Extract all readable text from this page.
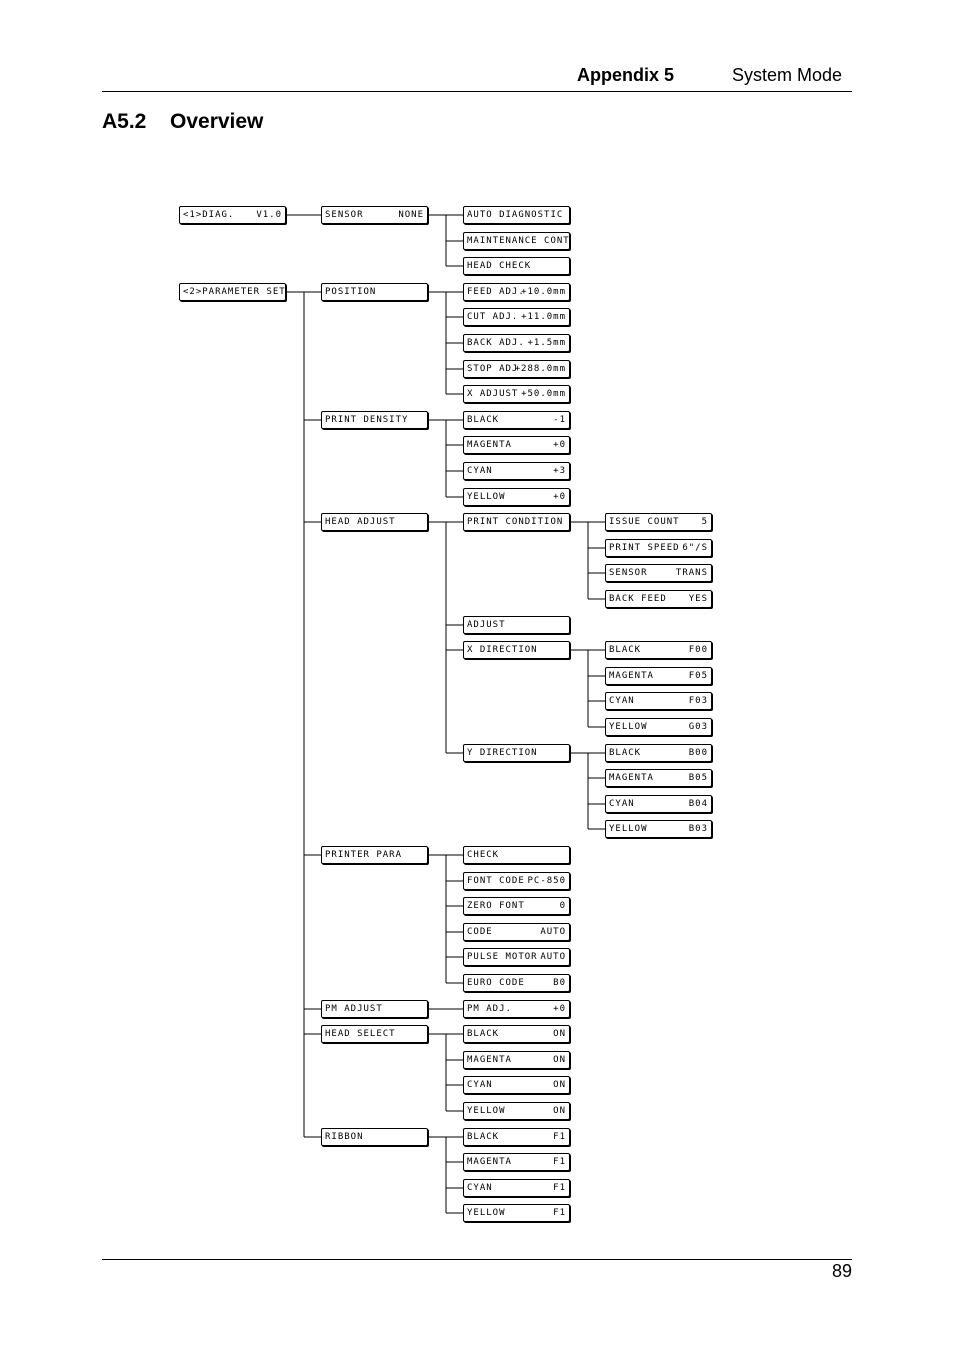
Appendix 5	System Mode
A5.2 Overview
<1>DIAG. V1.0	SENSOR	NONE	AUTO DIAGNOSTIC
MAINTENANCE CONT
HEAD CHECK
<2>PARAMETER SET	POSITION	FEED ADJ.
+10.0mm
CUT ADJ. +11.0mm
BACK ADJ. +1.5mm
STOP ADJ
+288.0mm
X ADJUST +50.0mm
PRINT DENSITY	BLACK	-1
MAGENTA	+0
CYAN	+3
YELLOW	+0
HEAD ADJUST	PRINT CONDITION	ISSUE COUNT 5
PRINT SPEED 6"/S
SENSOR	TRANS
BACK FEED YES
ADJUST
X DIRECTION	BLACK	F00
MAGENTA	F05
CYAN	F03
YELLOW	G03
Y DIRECTION	BLACK	B00
MAGENTA	B05
CYAN	B04
YELLOW	B03
PRINTER PARA	CHECK
FONT CODE PC-850
ZERO FONT	0
CODE	AUTO
PULSE MOTOR AUTO
EURO CODE	B0
PM ADJUST	PM ADJ.	+0
HEAD SELECT	BLACK	ON
MAGENTA	ON
CYAN	ON
YELLOW	ON
RIBBON	BLACK	F1
MAGENTA	F1
CYAN	F1
YELLOW	F1
89
